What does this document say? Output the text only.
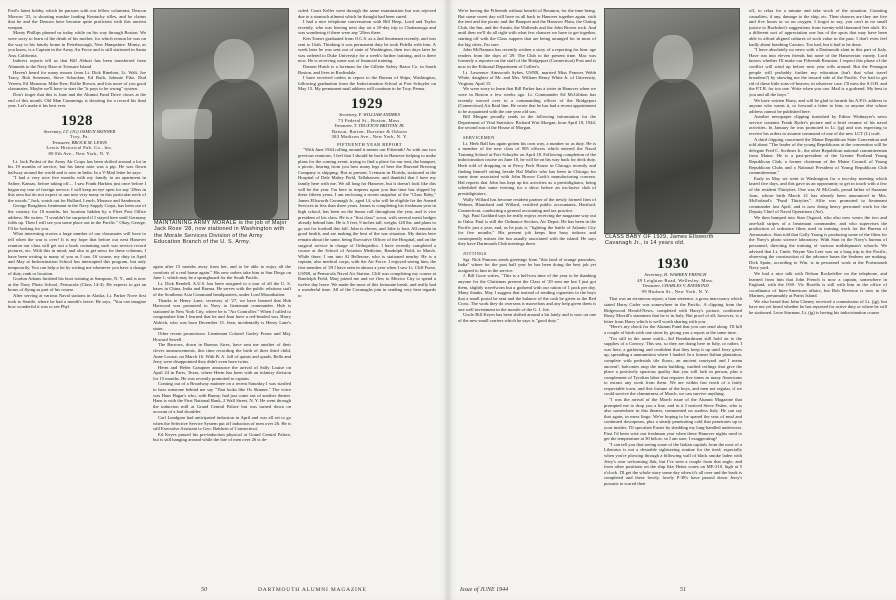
Fred's latest hobby, which he pursues with our fellow columnist, Deacon Morrow '25, is shooting muskie loading Kentucky rifles, and he claims that he and the Deacon have become quite proficient with this ancient weapon.

Monty Phillips phoned us today while on his way through Boston. We were sorry to learn of the death of his mother, for which reason he was on the way to his family home in Peterborough, New Hampshire. Monty, as you know, is a Captain in the Army Air Force and is still stationed in Santa Ana, California.

Indirect reports tell us that Bill Abbott has been transferred from Alameda to the Navy Base at Treasure Island.

Haven't heard for many moons from Lt. Dick Rinehart, Lt. Walt, Joe Tracy, Bob Sorensen, Steve Schackne, Ed Ruth, Johnnie Fike, Dud Vereen, Ed Mansson, Mike Kerr, Rollie Brown, and lots more of you good classmates. Maybe we'll have to start the "it pays to be wrong" system.

Don't forget that this is June and the Alumni Fund Drive closes at the end of this month. Old Man Cummings is shooting for a record his final year. Let's make it his best ever.

1928

Secretary, LT. (JG) OSMUN SKINNER

Troy, Pa.

Treasurer, BROCK M. LEWIS

Lewis Historical Pub. Co., Inc.

80 8th Ave., New York, N. Y.

Lt. Jack Probst of the Army Air Corps has been shifted around a lot in his 19 months of service, but his latest note was a pip. He was flown halfway around the world and is now in India. In a V-Mail letter he says:

"I had a very nice five months with my family in an apartment in Saline, Kansas, before taking off.... I saw Frank Harkins just once before I began my tour of foreign service. I will keep an eye open for any '28ers in this area but do not expect to run into very many in this particular neck of the woods." Jack, watch out for Bullard, Lench, Monaco and Sanderson.

George Boughton, lieutenant in the Navy Supply Corps, has been out of the country for 18 months, his location hidden by a Fleet Post Office address. He writes: "I wouldn't be surprised if I stayed here until Germany folds up. Then I will see you some place out in the Pacific." Okay, George, I'll be looking for you.

What interesting stories a large number of our classmates will have to tell when the war is over! It is my hope that before our next Hanover reunion our class will get out a book containing such war service record pictures, etc. With this in mind, and also to get news for these columns, I have been writing to many of you as I can. Of course, my duty in April and May at Indoctrination School has interrupted this program, but only temporarily. You can help a lot by writing me whenever you have a change of duty, rank or location.

Gordon Adams finished his boot training at Sampson, N. Y., and is now at the Navy Photo School, Pensacola (Class 14-4). He expects to get an hours of flying as part of his course.

After serving at various Naval stations in Alaska, Lt. Parker Nove first took to Seattle, where he had a month's leave. He says, "You can imagine how wonderful it was to see Phyl

MAINTAINING ARMY MORALE is the job of Major Jack Rose '28, now stationed in Washington with the Morale Services Division of the Army Education Branch of the U. S. Army.

again after 15 months away from her, and to be able to enjoy all the comforts of a real home again." His new orders take him to San Diego on June 1, which may be a springboard for the South Pacific.

Lt. Dick Rendell, A.U.S. has been assigned to a tour of all the U. S. bases in China, India and Burma. He serves with the public relations staff of the Southeast Asia Command headquarters, under Lord Mountbatten.

Thanks to Henry Lane, secretary of '27, we have learned that Hub Harwood was promoted to Navy to lieutenant commander. Hub is stationed in New York City, where he is "Air Controller." When I called to congratulate him I learned that he and Jean have a red-headed son, Harry Ahlrich, who was born December 15. Jean, incidentally is Henry Lane's sister.

Other recent promotions: Lieutenant Colonel Gurley Fraser and Maj. Howard Sewell.

The Barrows, down in Buenos Aires, have sent me another of their clever announcements, this time recording the birth of their third child, Anne Louise, on March 16. With B. A. full of quints and quads, Bella and Jerry were disappointed they didn't even have twins.

Herm and Helen Graupner announce the arrival of Sally Louise on April 24 in Paris, Texas, where Herm has been with an infantry division for 15 months. He was recently promoted to captain.

Coming out of a Broadway matinee on a recent Saturday I was startled to hear someone behind me say "That looks like Os Skinner." The voice was Hans Hagar's who, with Bunny, had just come out of another theater. Hans is with the First National Bank, 2 Wall Street, N. Y. He went through the induction mill at Grand Central Palace but was turned down on account of a bad shoulder.

Carl Lundgren had anticipated induction in April and was all set to go when the Selective Service System put off induction of men over 26. He is still Executive Assistant to Geo. Baldwin of Connecticut.

Ed Keyes passed his pre-induction physical at Grand Central Palace, but is still hanging around while the fate of men over 26 is de-

cided. Court Keller went through the same examination but was rejected due to a stomach ailment which he thought had been cured.

I had a nice telephone conversation with Bill Heep, Loed and Taylor recently, who was leaving next day on a 10-day trip to Chattanooga and was wondering if there were any '28ers there.

Ken Turner graduated from O.C.S. as a 2nd lieutenant recently, and was sent to Utah. Thinking it was permanent duty he took Fidella with him. A week later he was sent out of state of Washington, then two days later he was ordered to Duke University for a week's further training, and is there now. He is receiving some sort of financial training.

Damon Hutch is a foreman for the Gillette Safety Razor Co. in South Boston, and lives in Roslindale.

I have received orders to report to the Bureau of Ships, Washington, following graduation from the Indoctrination School at Fort Schuyler on May 15. My permanent mail address will continue to be Troy, Penna.

1929

Secretary, F. WILLIAM ANDRES

73 Federal St., Boston, Mass.

Treasurer, T. TRUXTON BRITTAN JR.

Batson, Barton, Durstine & Osborn

383 Madison Ave., New York, N. Y.

FIFTEENTH YEAR REPORT

"With June 1944 rolling around it means our Fifteenth! As with our two previous reunions, I feel that I should be back in Hanover helping to make plans for the coming event, trying to find a place for our tent, the banquet, a picnic, hearing from you how many legs of beer the Harvard Brewing Company is shipping. But at present, I remain in Florida, stationed at the Hospital of Dale Mabry Field, Tallahassee, and thankful that I have my family here with me. We all long for Hanover, but it doesn't look like this will be the year. I'm here to impress upon you that time has slipped by these fifteen years, I am enclosing a recent snapshot of the "Class Baby," James Ellsworth Cavanagh Jr., aged 14, who will be eligible for the Armed Services in less than three years. James is completing his freshman year in high school, has been on the honor roll throughout the year, and is vice president of his class. He is a "first class" scout, with several merit badges already behind him. He is 5 feet, 9 inches tall, weighs 128 lbs. and plans to go out for football this fall. John is eleven, and Julie is four. All remain in good health, and are making the best of the war situation. My duties here remain about the same, being Executive Officer of the Hospital, and on the surgical service in charge of Orthopedics. I have recently completed a course at the School of Aviation Medicine, Randolph Field, in March. While there, I ran into Al Bellerose, who is stationed nearby. He is a captain, also medical corps, with the Air Force. I enjoyed seeing him, the first member of '29 I have seen in almost a year when I saw Lt. Cliff Furse, USNR, at Pensacola Naval Air Station. Cliff was completing my course at Randolph Field, Marj joined me and we flew to Mexico City to spend a twelve day leave. We made the most of this fortunate break, and really had a wonderful time. All of the Cavanaghs join in sending very best regards to

50	DARTMOUTH ALUMNI MAGAZINE

We're having the Fifteenth without benefit of Reunion, for the time being. But some sweet day will have us all back in Hanover together again, with the tent and the picnic and the Banquet and the Hanover Plain, the Outing Club, the Inn, and the Austin, the Wallends and the John Brown rock. And until then we'll do all right with what few chances we have to get together, starting off with the Class suppers that are being arranged for in most of the big cities, I'm sure.

John McNamara has recently written a story of a reporting for him: age readers from the days of '29. The Club to the present time. Mac was formerly a reporter on the staff of the Bridgeport (Connecticut) Post and is now in the Editorial Department of Collier's.

Lt. Lawrence Ainsworth Sykes, USNR, married Miss Frances Webb White, daughter of Mr. and Mrs. William Henry White Jr. of University, Virginia, April 15.

We were sorry to learn that Bill Parker has a sister in Hanover when we were in Boston a few weeks ago. Lt. Commander Ed McGibbon has recently moved over to a commanding officer of the Bridgeport (Connecticut) Air Raid line. He wrote that he has had a recent appointment to be acquainted with the one year old son.

Bill Morgan proudly sends in the following information for the Department of Vital Statistics: Richard Wirt Morgan, born April 18, 1944, the second son of the House of Morgan.

SERVICEMEN

Lt. Herb Ball has again gotten his own way, a number so as duty. He is a member of the new class of 905 officers which entered the Naval Training School at Fort Schuyler on April 18. Following completion of the indoctrination course on June 10, he will be on his way back for deck duty. Herb told of dropping in at Percy Peck House in Chicago recently and finding himself sitting beside Hal Muller who has been in Chicago for some time associated with John Brown Cook's manufacturing concern. Hal reports that John has kept up his activities as a prestidigitator, being scheduled that same evening for a show before an exclusive club of prestidigitators.

Wally Willard has become resident partner of the newly formed firm of Wehner, Blanchard and Willard, certified public accountants, Hartford, Connecticut, conducting a general accounting and tax practice.

Sgt. Paul Goddard says he really enjoys receiving the magazine way out in Oahu. Paul is still the Ordnance Section, Air Depot. He has been in the Pacific just a year, and, as he puts it, "fighting the battle of Atlantic City for five months." His present job keeps him busy indoors and consequently misses the fun usually associated with the island. He says they have Dartmouth Club meetings there.

JOTTINGS

Sgt. Nick Panoras sends greetings from "this land of orange pancakes, India" where for the past half year he has been doing the best job yet assigned to him in the service.

J. Bill Gooe writes, "This is a hell-uva time of the year to be thanking anyone for the Christmas present the Class of '29 sent me but I just got them, slightly travelworn but a godsend with our ration of 1 pack per day. Many thanks. May I suggest that instead of sending cigarettes to the boys that a small postal be sent and the balance of the cash be given to the Red Cross. The work they do overseas is marvelous and any help given them is one well investment in the morale of the G. I. Joe.

Uncle Bill Keyes has been shifted around a bit lately and is now on one of the new small carriers which he says is "good duty."

CLASS BABY OF 1929, James Ellsworth Cavanagh Jr., is 14 years old.
1930

Secretary, H. WARREN FRENCH

49 Leighton Road, Wellesley, Mass.

Treasurer, CHARLES V. RAYMOND

99 Hudson St., New York, N. Y.

That was an erroneous report, a ham sentence, a gross inaccuracy which stated Harry Cader was somewhere in the Pacific. A clipping from the Ridgewood Herald-News, completed with Harry's picture, confirmed Rusty Morrill's statement that he is in Italy. But proof of all, however, is a letter from Harry which is well worth sharing with you:

"Here's my check for the Alumni Fund that you can send along. I'll kill a couple of birds with one stone by giving you a report at the same time.

"I'm still in the same outfit—3rd Bombardment still hold on to the supplies of a Convoy. This sea, so they are doing here in Italy, or rather, I was here, a gathering and confident that they keep it up until Jerry gives up, spreading a ammunition where I landed. In a former Italian plantation, complete with pedestals tile floors, an ancient courtyard and I mean ancient!, balconies atop the main building, vaulted ceilings that give the place a positively spacious quality that you will lack in person, plus a complement of Tyrolian labor that requires five times as many Americans to extract any work from them. We are within fast reach of a fairly respectable town, and this fortune of the boys, and men not regular, if we could survive the clamminess of March, we can survive anything.

"I was the arrival of the March issue of the Alumni Magazine that prompted me to drop you a line, and in it I noticed Steve Fisher, who is also somewhere in this theater, commented on sunless Italy. He can say that again, in mess lingo. We're hoping to be spared the seas of mud and continued downpours, plus a steady penetrating cold that penetrates up to your insides. I'll speculate Easter by shedding my long-handled underwear. First I'd been wise our freshman year when these Hanover nights used to get the temperature at 30 below, so I am sure, I exaggerating?

"I can tell you that seeing some of the Italian capitals from the nose of a Liberator is not a desirable sightseeing routine for the tired, especially when you're plowing through a billowing wall of black smoke laden with Jerry's own welcoming flak, but I've seen a couple from that angle, and from other positions on the ship like Heinz cones on ME-210, high at 5 o'clock. I'll get the whole story some day when it's all over and the book is completed and these lovely, lovely P-38's have passed down Jerry's pursuits to scared their

off, to relax for a minute and take stock of the situation. Counting casualties, if any, damage to the ship, etc. Then chances are they are five and five hours or so on oxygen. I forgot to say, you can't in no small justice to Buckshot's suggestions from twenty-odd thousand feet aloft. It's a different sort of appreciation one has of the spots that may have been able to afford aligned cultures of such value in the past. I don't even feel badly about bombing Cassino. Too bad, but it had to be done.

"I have absolutely no news with a Dartmouth slant in this part of Italy. Have run into eleven friends but none of the Hanoverian variety. Lord knows whether I'll make our Fifteenth Reunion. I expect this phase of the conflict will wind up before next year rolls around. But the Pentagon people will probably further my education (isn't that what travel broadens?) by showing me the inward side of the Pacific. I've had to get rid of these little sons-of-heaven, in whatever case. I'll miss the S.O.B. and the P.T.B. for too one. Write when you can. Mail is a godsend. My best to you and all the boys."

We have written Harry, and will be glad to furnish his A.P.O. address to anyone who wants it, or forward a letter to him, or anyone else whose address cannot be published here.

Another newspaper clipping furnished by Editor Widmayer's news service contains Frank Ryder's picture and a brief resume of his naval activities. In January he was promoted to Lt. (jg) and was expecting to receive his orders to assume command of one of the new LCT (L) craft.

A third clipping concerned the Maine Republican State Convention and told about "The leader of the young Republicans at the convention will be delegate Fred C. Scribner Jr., the other Republican national committeeman from Maine. He is a past-president of the Greater Portland Young Republican Club, a former chairman of the Maine Council of Young Republican Clubs and a National President of Young Republican Club committeeman."

Early in May we went to Washington for a two-day meeting which lasted five days, and this gave us an opportunity to get in touch with a few of the resident Thirtyites. One was Al McGrath, proud father of Suzanne Joan, whose birth March 21 has already been announced in Mrs. McFarland's "Fund Thirtyites". Alfie was promoted to lieutenant commander last April, and is now doing heavy personnel work for the Deputy Chief of Naval Operations (Air).

We then bumped into Stan Osgood, who also now wears the two and one-half stripes of a lieutenant commander, and who supervises the production of ordnance films used in training work for the Bureau of Aeronautics. Stan told that Golly Young is producing some of the films for the Navy's photo science laboratory. With Stan in the Navy's bureau of personnel, directing the training of various midshipman's schools. We advised that Lt. Cmdr. Wayne Van Leer was on a long trip to the Pacific, observing the construction of the advance bases the Seabees are making. Dick Spain, according to Win, is in personnel work at the Portsmouth Navy yard.

We had a nice talk with Nelson Rockefeller on the telephone, and learned from him that John French is now a captain, somewhere in England, with the OSS. Vic Borella is still with him in the office of coordinator of Inter-American affairs, but Bob Brereton is now in the Marines, presumably at Parris Island.

We also heard that John Cheney received a commission of Lt. (jg), but have not yet heard whether he has reported for active duty or where he will be stationed. Leon Sturman, Lt. (jg) is having his indoctrination course

Issue of JUNE 1944	51
